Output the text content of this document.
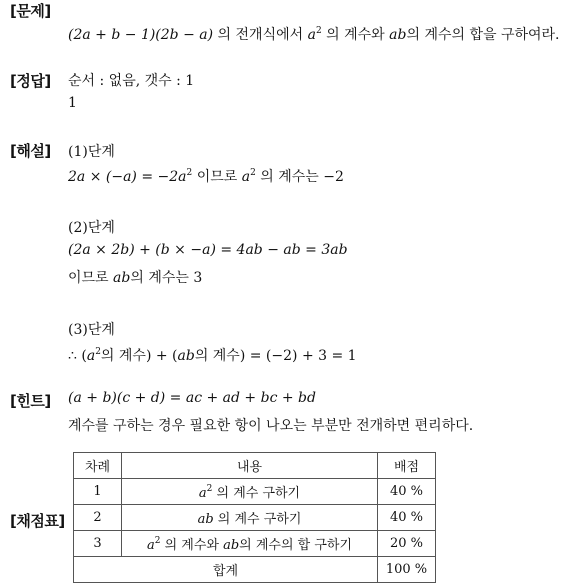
[문제]
[정답]
[해설]
[힌트]
[채점표]
(2a + b − 1)(2b − a) 의 전개식에서 $a^2$ 의 계수와 ab의 계수의 합을 구하여라.
순서 : 없음, 갯수 : 1
1
(1)단계
$2a \times (-a) = -2a^2$ 이므로 $a^2$ 의 계수는 −2
(2)단계
(2a × 2b) + (b × −a) = 4ab − ab = 3ab
이므로 ab의 계수는 3
(3)단계
∴ ($a^2$의 계수) + (ab의 계수) = (−2) + 3 = 1
(a + b)(c + d) = ac + ad + bc + bd
계수를 구하는 경우 필요한 항이 나오는 부분만 전개하면 편리하다.
차례	내용	배점
1	$a^2$ 의 계수 구하기	40 %
2	ab 의 계수 구하기	40 %
3	$a^2$ 의 계수와 ab의 계수의 합 구하기	20 %
합계		100 %
